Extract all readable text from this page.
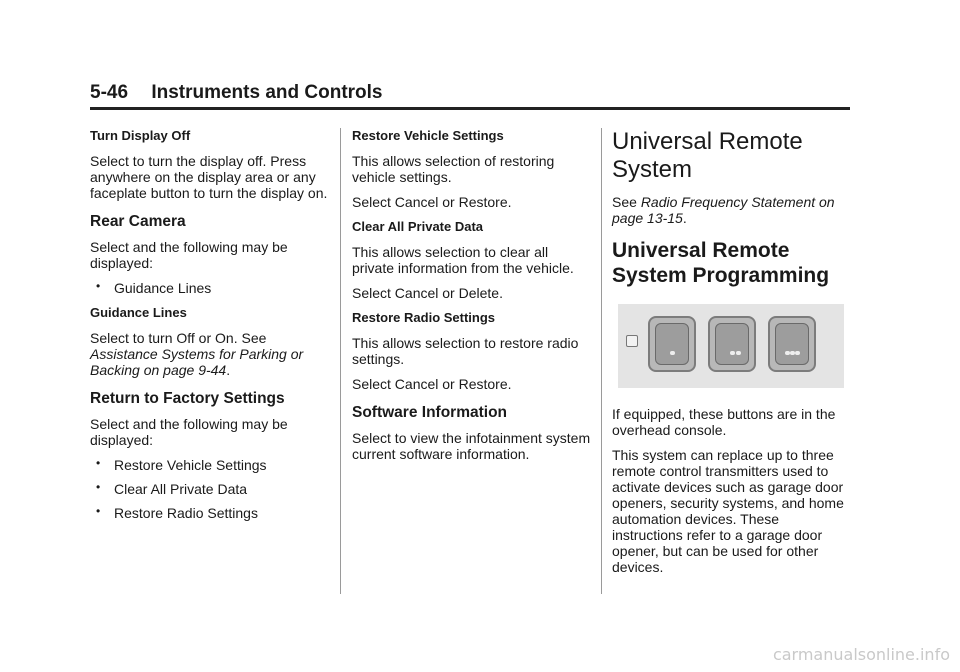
5-46 Instruments and Controls
Turn Display Off

Select to turn the display off. Press anywhere on the display area or any faceplate button to turn the display on.

Rear Camera

Select and the following may be displayed:

• Guidance Lines
Guidance Lines

Select to turn Off or On. See
Assistance Systems for Parking or Backing on page 9-44.

Return to Factory Settings

Select and the following may be displayed:

• Restore Vehicle Settings
• Clear All Private Data
• Restore Radio Settings
Restore Vehicle Settings

This allows selection of restoring vehicle settings.

Select Cancel or Restore.

Clear All Private Data

This allows selection to clear all private information from the vehicle.

Select Cancel or Delete.

Restore Radio Settings

This allows selection to restore radio settings.

Select Cancel or Restore.

Software Information

Select to view the infotainment system current software information.

Universal Remote System

See Radio Frequency Statement on page 13-15.

Universal Remote System Programming

If equipped, these buttons are in the overhead console.

This system can replace up to three remote control transmitters used to activate devices such as garage door openers, security systems, and home automation devices. These instructions refer to a garage door opener, but can be used for other devices.

carmanualsonline.info
